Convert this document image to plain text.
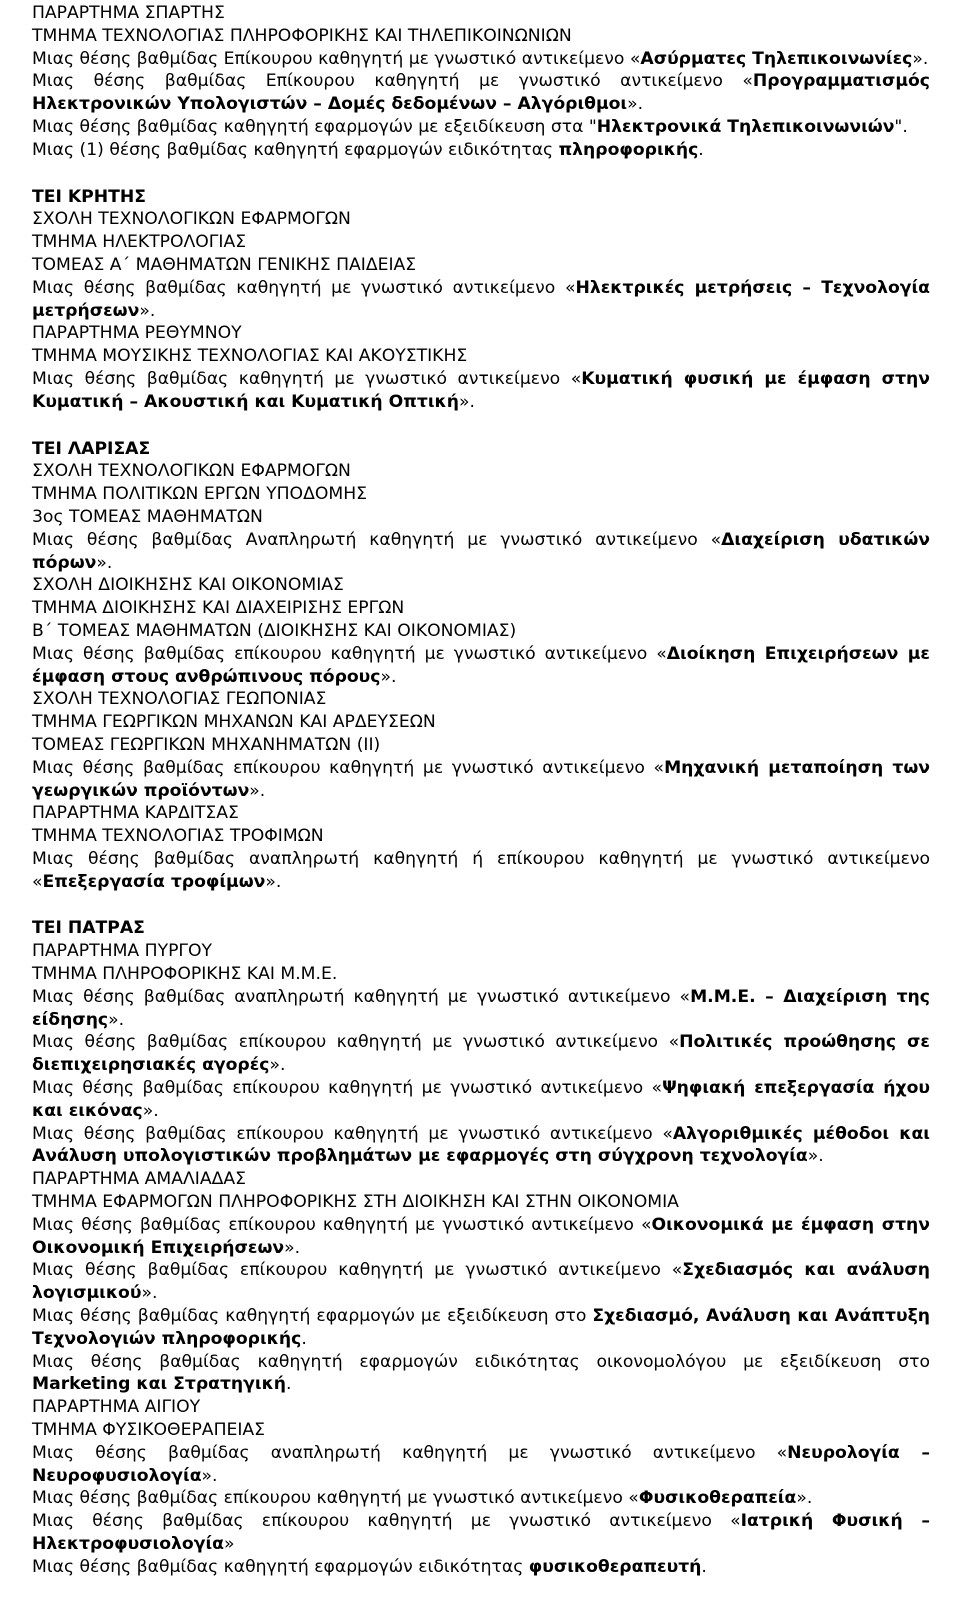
ΠΑΡΑΡΤΗΜΑ ΣΠΑΡΤΗΣ
ΤΜΗΜΑ ΤΕΧΝΟΛΟΓΙΑΣ ΠΛΗΡΟΦΟΡΙΚΗΣ ΚΑΙ ΤΗΛΕΠΙΚΟΙΝΩΝΙΩΝ
Μιας θέσης βαθμίδας Επίκουρου καθηγητή με γνωστικό αντικείμενο «Ασύρματες Τηλεπικοινωνίες».
Μιας θέσης βαθμίδας Επίκουρου καθηγητή με γνωστικό αντικείμενο «Προγραμματισμός Ηλεκτρονικών Υπολογιστών – Δομές δεδομένων – Αλγόριθμοι».
Μιας θέσης βαθμίδας καθηγητή εφαρμογών με εξειδίκευση στα "Ηλεκτρονικά Τηλεπικοινωνιών".
Μιας (1) θέσης βαθμίδας καθηγητή εφαρμογών ειδικότητας πληροφορικής.
ΤΕΙ ΚΡΗΤΗΣ
ΣΧΟΛΗ ΤΕΧΝΟΛΟΓΙΚΩΝ ΕΦΑΡΜΟΓΩΝ
ΤΜΗΜΑ ΗΛΕΚΤΡΟΛΟΓΙΑΣ
ΤΟΜΕΑΣ Α΄ ΜΑΘΗΜΑΤΩΝ ΓΕΝΙΚΗΣ ΠΑΙΔΕΙΑΣ
Μιας θέσης βαθμίδας καθηγητή με γνωστικό αντικείμενο «Ηλεκτρικές μετρήσεις – Τεχνολογία μετρήσεων».
ΠΑΡΑΡΤΗΜΑ ΡΕΘΥΜΝΟΥ
ΤΜΗΜΑ ΜΟΥΣΙΚΗΣ ΤΕΧΝΟΛΟΓΙΑΣ ΚΑΙ ΑΚΟΥΣΤΙΚΗΣ
Μιας θέσης βαθμίδας καθηγητή με γνωστικό αντικείμενο «Κυματική φυσική με έμφαση στην Κυματική – Ακουστική και Κυματική Οπτική».
ΤΕΙ ΛΑΡΙΣΑΣ
ΣΧΟΛΗ ΤΕΧΝΟΛΟΓΙΚΩΝ ΕΦΑΡΜΟΓΩΝ
ΤΜΗΜΑ ΠΟΛΙΤΙΚΩΝ ΕΡΓΩΝ ΥΠΟΔΟΜΗΣ
3ος ΤΟΜΕΑΣ ΜΑΘΗΜΑΤΩΝ
Μιας θέσης βαθμίδας Αναπληρωτή καθηγητή με γνωστικό αντικείμενο «Διαχείριση υδατικών πόρων».
ΣΧΟΛΗ ΔΙΟΙΚΗΣΗΣ ΚΑΙ ΟΙΚΟΝΟΜΙΑΣ
ΤΜΗΜΑ ΔΙΟΙΚΗΣΗΣ ΚΑΙ ΔΙΑΧΕΙΡΙΣΗΣ ΕΡΓΩΝ
Β΄ ΤΟΜΕΑΣ ΜΑΘΗΜΑΤΩΝ (ΔΙΟΙΚΗΣΗΣ ΚΑΙ ΟΙΚΟΝΟΜΙΑΣ)
Μιας θέσης βαθμίδας επίκουρου καθηγητή με γνωστικό αντικείμενο «Διοίκηση Επιχειρήσεων με έμφαση στους ανθρώπινους πόρους».
ΣΧΟΛΗ ΤΕΧΝΟΛΟΓΙΑΣ ΓΕΩΠΟΝΙΑΣ
ΤΜΗΜΑ ΓΕΩΡΓΙΚΩΝ ΜΗΧΑΝΩΝ ΚΑΙ ΑΡΔΕΥΣΕΩΝ
ΤΟΜΕΑΣ ΓΕΩΡΓΙΚΩΝ ΜΗΧΑΝΗΜΑΤΩΝ (ΙΙ)
Μιας θέσης βαθμίδας επίκουρου καθηγητή με γνωστικό αντικείμενο «Μηχανική μεταποίηση των γεωργικών προϊόντων».
ΠΑΡΑΡΤΗΜΑ ΚΑΡΔΙΤΣΑΣ
ΤΜΗΜΑ ΤΕΧΝΟΛΟΓΙΑΣ ΤΡΟΦΙΜΩΝ
Μιας θέσης βαθμίδας αναπληρωτή καθηγητή ή επίκουρου καθηγητή με γνωστικό αντικείμενο «Επεξεργασία τροφίμων».
ΤΕΙ ΠΑΤΡΑΣ
ΠΑΡΑΡΤΗΜΑ ΠΥΡΓΟΥ
ΤΜΗΜΑ ΠΛΗΡΟΦΟΡΙΚΗΣ ΚΑΙ Μ.Μ.Ε.
Μιας θέσης βαθμίδας αναπληρωτή καθηγητή με γνωστικό αντικείμενο «Μ.Μ.Ε. – Διαχείριση της είδησης».
Μιας θέσης βαθμίδας επίκουρου καθηγητή με γνωστικό αντικείμενο «Πολιτικές προώθησης σε διεπιχειρησιακές αγορές».
Μιας θέσης βαθμίδας επίκουρου καθηγητή με γνωστικό αντικείμενο «Ψηφιακή επεξεργασία ήχου και εικόνας».
Μιας θέσης βαθμίδας επίκουρου καθηγητή με γνωστικό αντικείμενο «Αλγοριθμικές μέθοδοι και Ανάλυση υπολογιστικών προβλημάτων με εφαρμογές στη σύγχρονη τεχνολογία».
ΠΑΡΑΡΤΗΜΑ ΑΜΑΛΙΑΔΑΣ
ΤΜΗΜΑ ΕΦΑΡΜΟΓΩΝ ΠΛΗΡΟΦΟΡΙΚΗΣ ΣΤΗ ΔΙΟΙΚΗΣΗ ΚΑΙ ΣΤΗΝ ΟΙΚΟΝΟΜΙΑ
Μιας θέσης βαθμίδας επίκουρου καθηγητή με γνωστικό αντικείμενο «Οικονομικά με έμφαση στην Οικονομική Επιχειρήσεων».
Μιας θέσης βαθμίδας επίκουρου καθηγητή με γνωστικό αντικείμενο «Σχεδιασμός και ανάλυση λογισμικού».
Μιας θέσης βαθμίδας καθηγητή εφαρμογών με εξειδίκευση στο Σχεδιασμό, Ανάλυση και Ανάπτυξη Τεχνολογιών πληροφορικής.
Μιας θέσης βαθμίδας καθηγητή εφαρμογών ειδικότητας οικονομολόγου με εξειδίκευση στο Marketing και Στρατηγική.
ΠΑΡΑΡΤΗΜΑ ΑΙΓΙΟΥ
ΤΜΗΜΑ ΦΥΣΙΚΟΘΕΡΑΠΕΙΑΣ
Μιας θέσης βαθμίδας αναπληρωτή καθηγητή με γνωστικό αντικείμενο «Νευρολογία – Νευροφυσιολογία».
Μιας θέσης βαθμίδας επίκουρου καθηγητή με γνωστικό αντικείμενο «Φυσικοθεραπεία».
Μιας θέσης βαθμίδας επίκουρου καθηγητή με γνωστικό αντικείμενο «Ιατρική Φυσική – Ηλεκτροφυσιολογία»
Μιας θέσης βαθμίδας καθηγητή εφαρμογών ειδικότητας φυσικοθεραπευτή.
